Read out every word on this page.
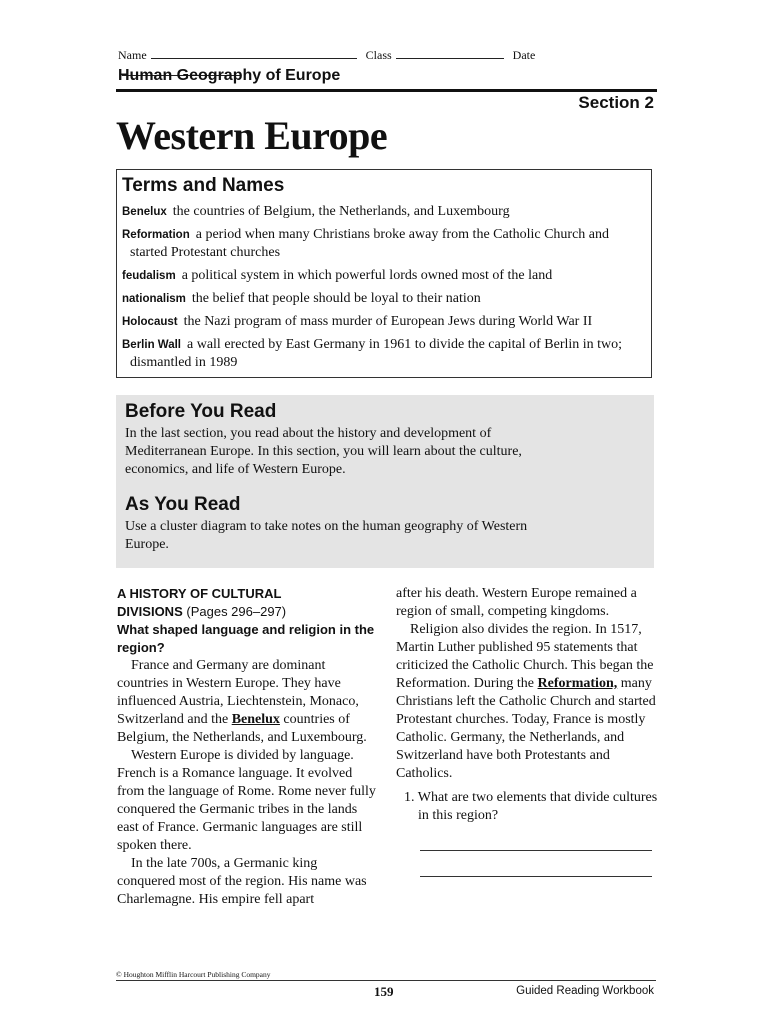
Name	Class	Date
Human Geography of Europe
Section 2
Western Europe
Terms and Names
Benelux the countries of Belgium, the Netherlands, and Luxembourg
Reformation a period when many Christians broke away from the Catholic Church and started Protestant churches
feudalism a political system in which powerful lords owned most of the land
nationalism the belief that people should be loyal to their nation
Holocaust the Nazi program of mass murder of European Jews during World War II
Berlin Wall a wall erected by East Germany in 1961 to divide the capital of Berlin in two; dismantled in 1989
Before You Read
In the last section, you read about the history and development of Mediterranean Europe. In this section, you will learn about the culture, economics, and life of Western Europe.
As You Read
Use a cluster diagram to take notes on the human geography of Western Europe.
A HISTORY OF CULTURAL
DIVISIONS (Pages 296–297)
What shaped language and religion in the region?

France and Germany are dominant countries in Western Europe. They have influenced Austria, Liechtenstein, Monaco, Switzerland and the Benelux countries of Belgium, the Netherlands, and Luxembourg.

Western Europe is divided by language. French is a Romance language. It evolved from the language of Rome. Rome never fully conquered the Germanic tribes in the lands east of France. Germanic languages are still spoken there.

In the late 700s, a Germanic king conquered most of the region. His name was Charlemagne. His empire fell apart

after his death. Western Europe remained a region of small, competing kingdoms.

Religion also divides the region. In 1517, Martin Luther published 95 statements that criticized the Catholic Church. This began the Reformation. During the Reformation, many Christians left the Catholic Church and started Protestant churches. Today, France is mostly Catholic. Germany, the Netherlands, and Switzerland have both Protestants and Catholics.

1. What are two elements that divide cultures in this region?
© Houghton Mifflin Harcourt Publishing Company
159	Guided Reading Workbook
